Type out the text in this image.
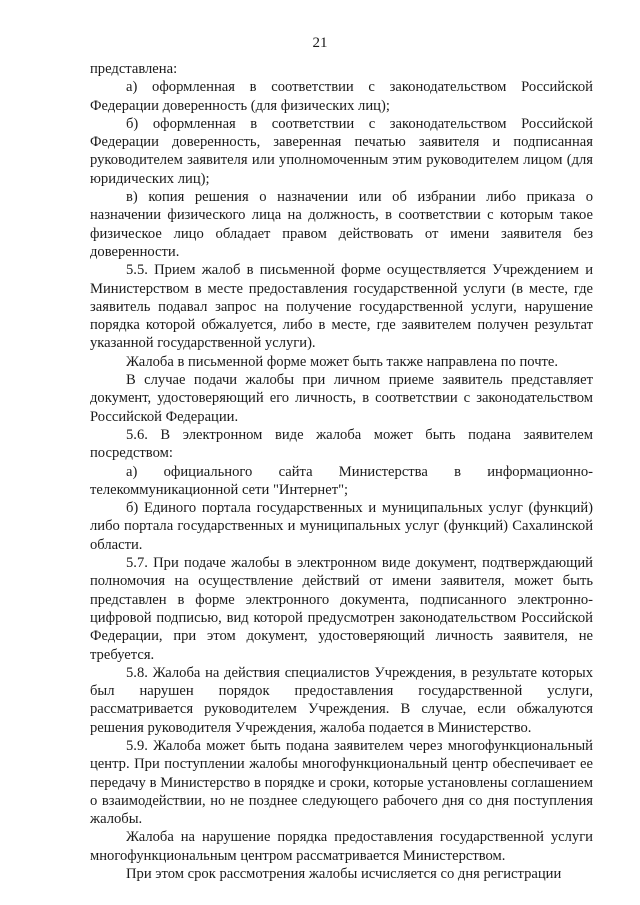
21

представлена:

а) оформленная в соответствии с законодательством Российской Федерации доверенность (для физических лиц);

б) оформленная в соответствии с законодательством Российской Федерации доверенность, заверенная печатью заявителя и подписанная руководителем заявителя или уполномоченным этим руководителем лицом (для юридических лиц);

в) копия решения о назначении или об избрании либо приказа о назначении физического лица на должность, в соответствии с которым такое физическое лицо обладает правом действовать от имени заявителя без доверенности.

5.5. Прием жалоб в письменной форме осуществляется Учреждением и Министерством в месте предоставления государственной услуги (в месте, где заявитель подавал запрос на получение государственной услуги, нарушение порядка которой обжалуется, либо в месте, где заявителем получен результат указанной государственной услуги).

Жалоба в письменной форме может быть также направлена по почте.

В случае подачи жалобы при личном приеме заявитель представляет документ, удостоверяющий его личность, в соответствии с законодательством Российской Федерации.

5.6. В электронном виде жалоба может быть подана заявителем посредством:

а) официального сайта Министерства в информационно-телекоммуникационной сети "Интернет";

б) Единого портала государственных и муниципальных услуг (функций) либо портала государственных и муниципальных услуг (функций) Сахалинской области.

5.7. При подаче жалобы в электронном виде документ, подтверждающий полномочия на осуществление действий от имени заявителя, может быть представлен в форме электронного документа, подписанного электронно-цифровой подписью, вид которой предусмотрен законодательством Российской Федерации, при этом документ, удостоверяющий личность заявителя, не требуется.

5.8. Жалоба на действия специалистов Учреждения, в результате которых был нарушен порядок предоставления государственной услуги, рассматривается руководителем Учреждения. В случае, если обжалуются решения руководителя Учреждения, жалоба подается в Министерство.

5.9. Жалоба может быть подана заявителем через многофункциональный центр. При поступлении жалобы многофункциональный центр обеспечивает ее передачу в Министерство в порядке и сроки, которые установлены соглашением о взаимодействии, но не позднее следующего рабочего дня со дня поступления жалобы.

Жалоба на нарушение порядка предоставления государственной услуги многофункциональным центром рассматривается Министерством.

При этом срок рассмотрения жалобы исчисляется со дня регистрации
